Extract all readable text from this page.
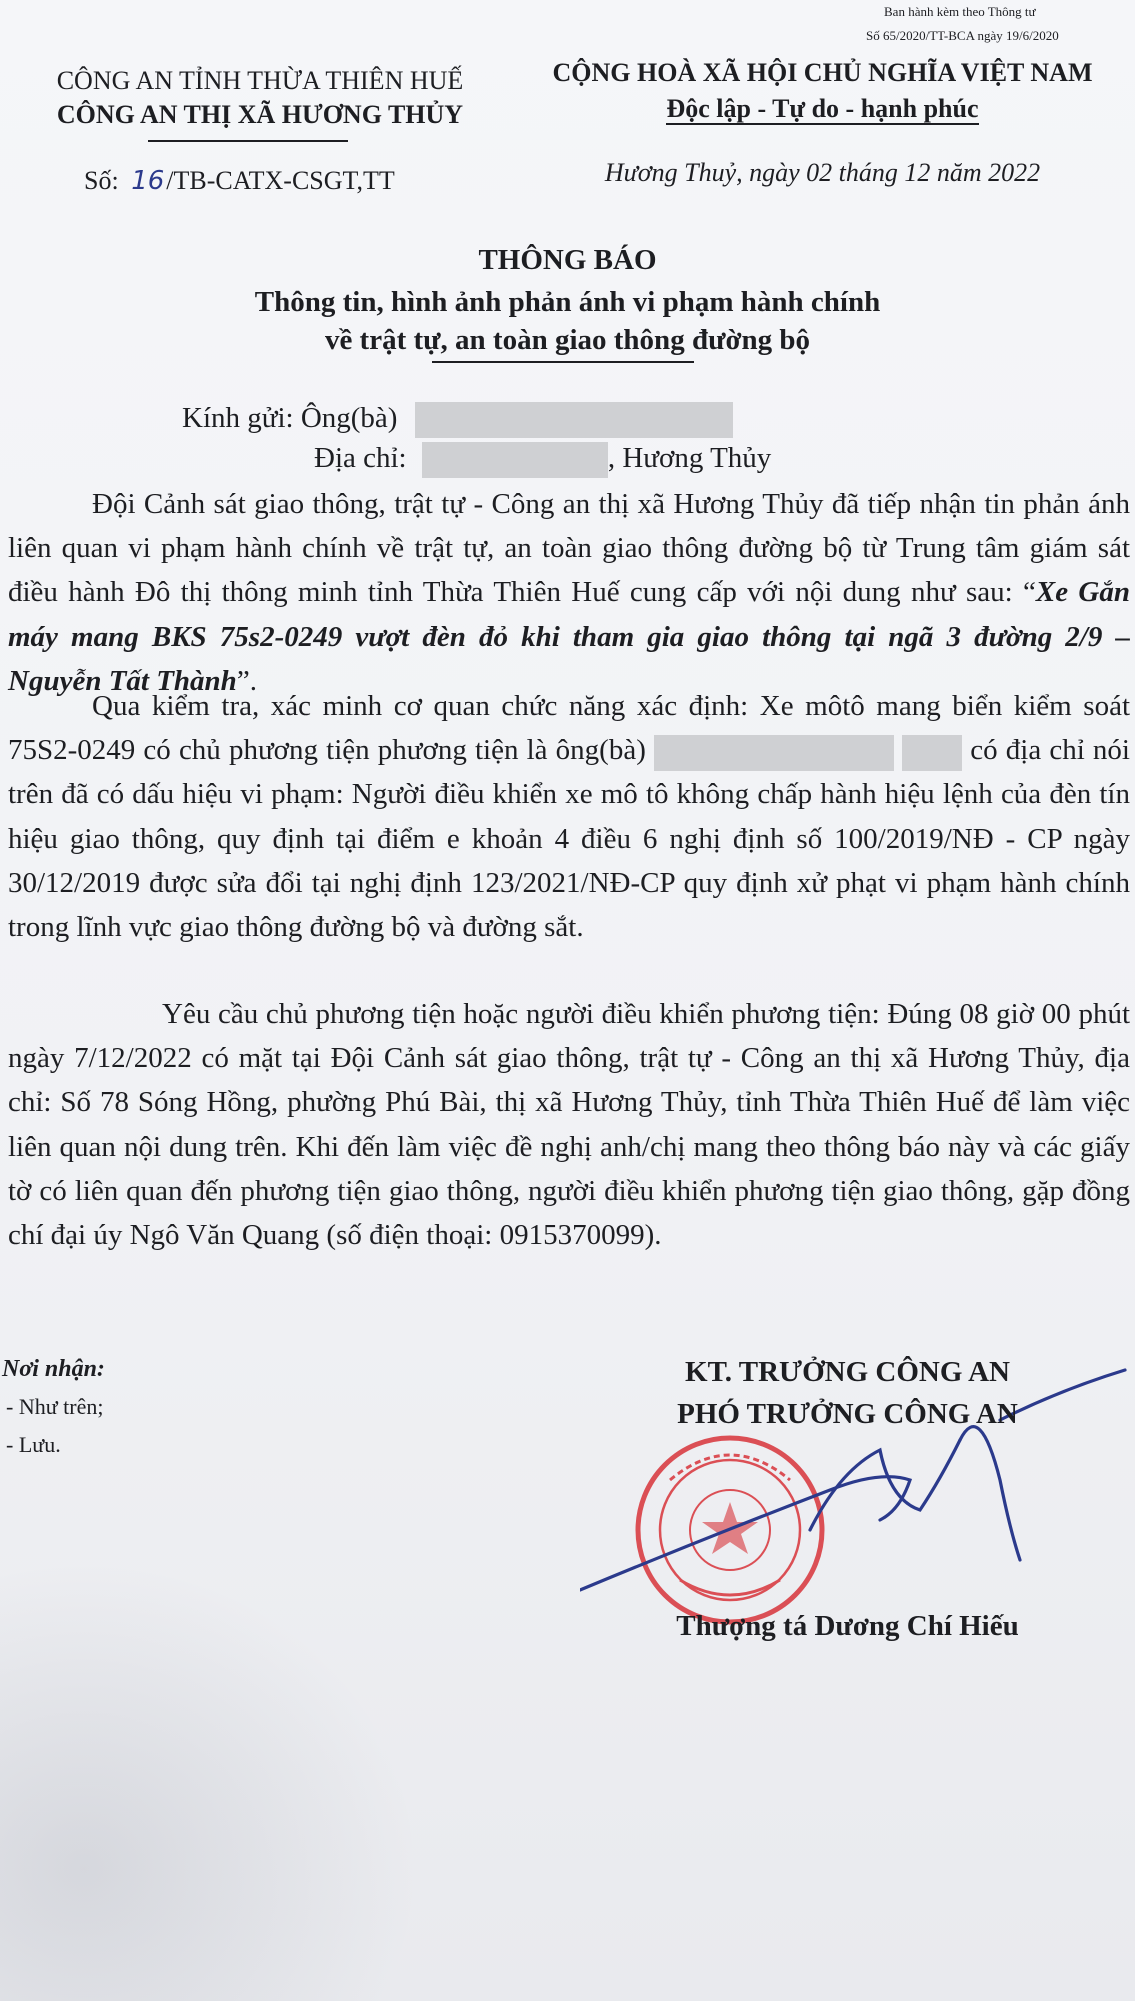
Ban hành kèm theo Thông tư
Số 65/2020/TT-BCA ngày 19/6/2020
CÔNG AN TỈNH THỪA THIÊN HUẾ
CÔNG AN THỊ XÃ HƯƠNG THỦY
Số: 16/TB-CATX-CSGT,TT
CỘNG HOÀ XÃ HỘI CHỦ NGHĨA VIỆT NAM
Độc lập - Tự do - hạnh phúc
Hương Thuỷ, ngày 02 tháng 12 năm 2022
THÔNG BÁO
Thông tin, hình ảnh phản ánh vi phạm hành chính
về trật tự, an toàn giao thông đường bộ
Kính gửi: Ông(bà)
Địa chỉ:	, Hương Thủy
Đội Cảnh sát giao thông, trật tự - Công an thị xã Hương Thủy đã tiếp nhận tin phản ánh liên quan vi phạm hành chính về trật tự, an toàn giao thông đường bộ từ Trung tâm giám sát điều hành Đô thị thông minh tỉnh Thừa Thiên Huế cung cấp với nội dung như sau: “Xe Gắn máy mang BKS 75s2-0249 vượt đèn đỏ khi tham gia giao thông tại ngã 3 đường 2/9 – Nguyễn Tất Thành”.
Qua kiểm tra, xác minh cơ quan chức năng xác định: Xe môtô mang biển kiểm soát 75S2-0249 có chủ phương tiện phương tiện là ông(bà)	có địa chỉ nói trên đã có dấu hiệu vi phạm: Người điều khiển xe mô tô không chấp hành hiệu lệnh của đèn tín hiệu giao thông, quy định tại điểm e khoản 4 điều 6 nghị định số 100/2019/NĐ - CP ngày 30/12/2019 được sửa đổi tại nghị định 123/2021/NĐ-CP quy định xử phạt vi phạm hành chính trong lĩnh vực giao thông đường bộ và đường sắt.
Yêu cầu chủ phương tiện hoặc người điều khiển phương tiện: Đúng 08 giờ 00 phút ngày 7/12/2022 có mặt tại Đội Cảnh sát giao thông, trật tự - Công an thị xã Hương Thủy, địa chỉ: Số 78 Sóng Hồng, phường Phú Bài, thị xã Hương Thủy, tỉnh Thừa Thiên Huế để làm việc liên quan nội dung trên. Khi đến làm việc đề nghị anh/chị mang theo thông báo này và các giấy tờ có liên quan đến phương tiện giao thông, người điều khiển phương tiện giao thông, gặp đồng chí đại úy Ngô Văn Quang (số điện thoại: 0915370099).
Nơi nhận:
- Như trên;
- Lưu.
KT. TRƯỞNG CÔNG AN
PHÓ TRƯỞNG CÔNG AN
Thượng tá Dương Chí Hiếu
